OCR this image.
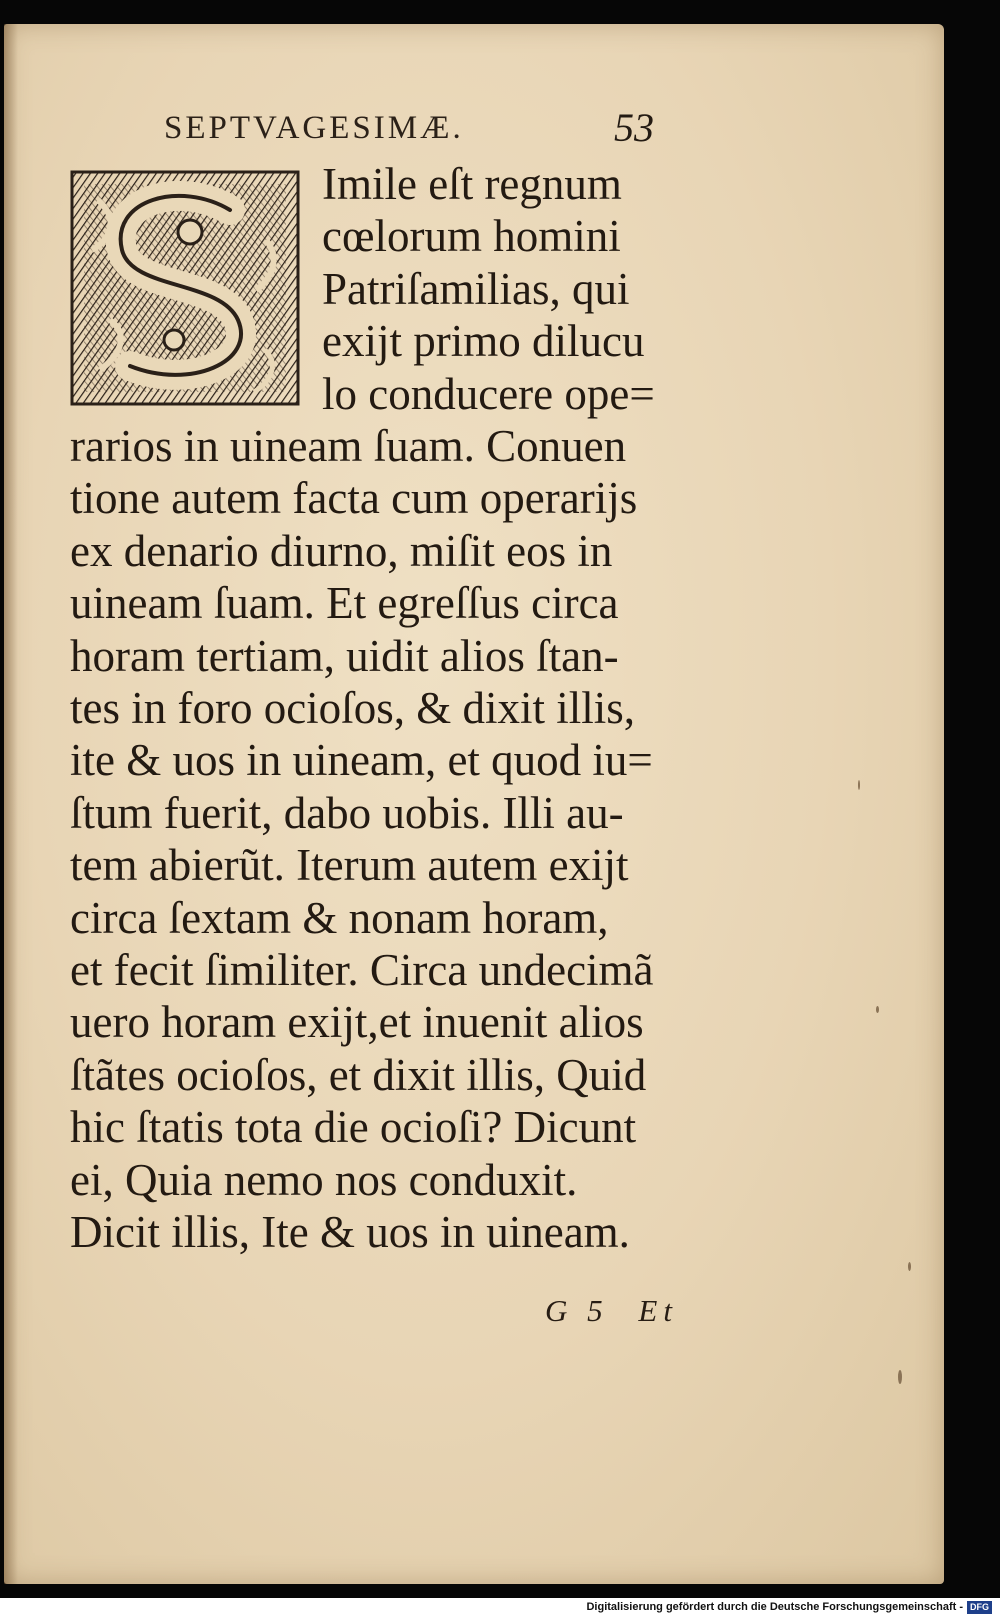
SEPTVAGESIMÆ.	53
Imile eſt regnum
cœlorum homini
Patriſamilias, qui
exijt primo dilucu
lo conducere ope=
rarios in uineam ſuam. Conuen
tione autem facta cum operarijs
ex denario diurno, miſit eos in
uineam ſuam. Et egreſſus circa
horam tertiam, uidit alios ſtan-
tes in foro ocioſos, & dixit illis,
ite & uos in uineam, et quod iu=
ſtum fuerit, dabo uobis. Illi au-
tem abierũt. Iterum autem exijt
circa ſextam & nonam horam,
et fecit ſimiliter. Circa undecimã
uero horam exijt,et inuenit alios
ſtãtes ocioſos, et dixit illis, Quid
hic ſtatis tota die ocioſi? Dicunt
ei, Quia nemo nos conduxit.
Dicit illis, Ite & uos in uineam.
G 5 Et
Digitalisierung gefördert durch die Deutsche Forschungsgemeinschaft - DFG
